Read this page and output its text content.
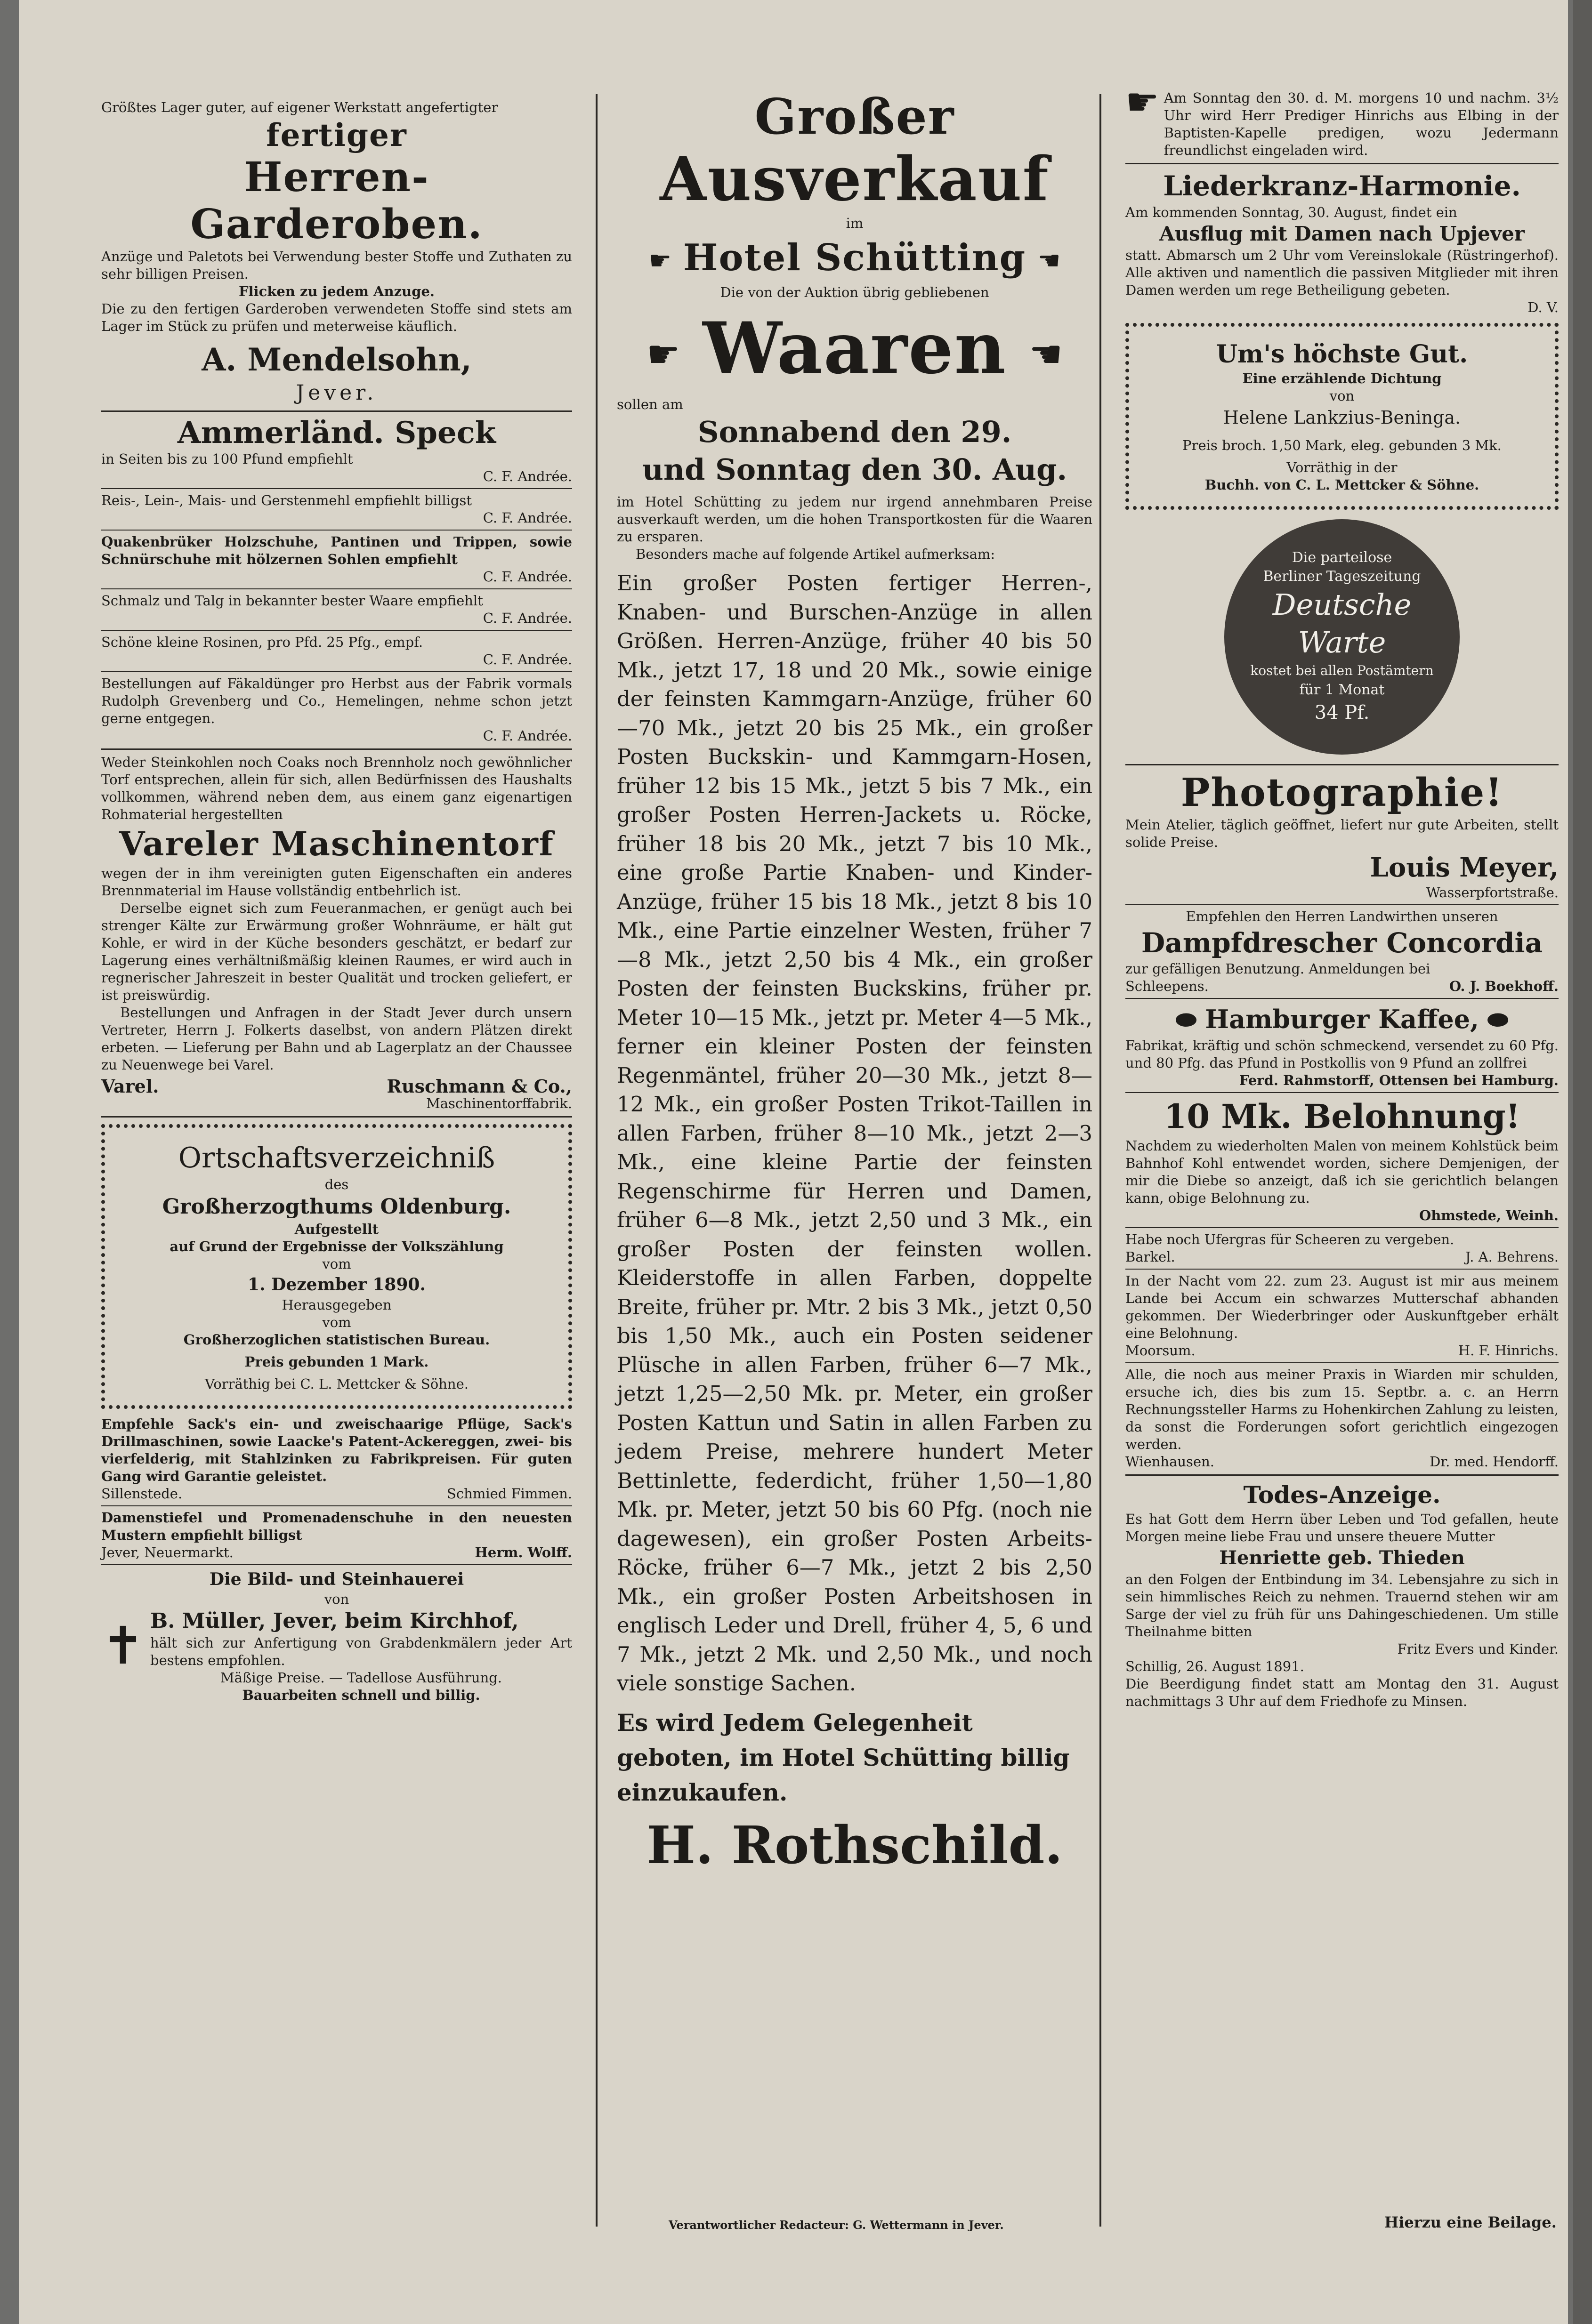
Größtes Lager guter, auf eigener Werkstatt angefertigter

fertiger

Herren-Garderoben.

Anzüge und Paletots bei Verwendung bester Stoffe und Zuthaten zu sehr billigen Preisen.

Flicken zu jedem Anzuge.

Die zu den fertigen Garderoben verwendeten Stoffe sind stets am Lager im Stück zu prüfen und meterweise käuflich.

A. Mendelsohn,

Jever.

Ammerländ. Speck

in Seiten bis zu 100 Pfund empfiehlt

C. F. Andrée.

Reis-, Lein-, Mais- und Gerstenmehl empfiehlt billigst

C. F. Andrée.

Quakenbrüker Holzschuhe, Pantinen und Trippen, sowie Schnürschuhe mit hölzernen Sohlen empfiehlt

C. F. Andrée.

Schmalz und Talg in bekannter bester Waare empfiehlt

C. F. Andrée.

Schöne kleine Rosinen, pro Pfd. 25 Pfg., empf.

C. F. Andrée.

Bestellungen auf Fäkaldünger pro Herbst aus der Fabrik vormals Rudolph Grevenberg und Co., Hemelingen, nehme schon jetzt gerne entgegen.

C. F. Andrée.

Weder Steinkohlen noch Coaks noch Brennholz noch gewöhnlicher Torf entsprechen, allein für sich, allen Bedürfnissen des Haushalts vollkommen, während neben dem, aus einem ganz eigenartigen Rohmaterial hergestellten

Vareler Maschinentorf

wegen der in ihm vereinigten guten Eigenschaften ein anderes Brennmaterial im Hause vollständig entbehrlich ist.

Derselbe eignet sich zum Feueranmachen, er genügt auch bei strenger Kälte zur Erwärmung großer Wohnräume, er hält gut Kohle, er wird in der Küche besonders geschätzt, er bedarf zur Lagerung eines verhältnißmäßig kleinen Raumes, er wird auch in regnerischer Jahreszeit in bester Qualität und trocken geliefert, er ist preiswürdig.

Bestellungen und Anfragen in der Stadt Jever durch unsern Vertreter, Herrn J. Folkerts daselbst, von andern Plätzen direkt erbeten. — Lieferung per Bahn und ab Lagerplatz an der Chaussee zu Neuenwege bei Varel.

Varel.	Ruschmann & Co.,

Maschinentorffabrik.

Ortschaftsverzeichniß

des

Großherzogthums Oldenburg.

Aufgestellt

auf Grund der Ergebnisse der Volkszählung

vom

1. Dezember 1890.

Herausgegeben

vom

Großherzoglichen statistischen Bureau.

Preis gebunden 1 Mark.

Vorräthig bei C. L. Mettcker & Söhne.

Empfehle Sack's ein- und zweischaarige Pflüge, Sack's Drillmaschinen, sowie Laacke's Patent-Ackereggen, zwei- bis vierfelderig, mit Stahlzinken zu Fabrikpreisen. Für guten Gang wird Garantie geleistet.

Sillenstede.	Schmied Fimmen.

Damenstiefel und Promenadenschuhe in den neuesten Mustern empfiehlt billigst

Jever, Neuermarkt.	Herm. Wolff.

Die Bild- und Steinhauerei

von

✝ B. Müller, Jever, beim Kirchhof,

hält sich zur Anfertigung von Grabdenkmälern jeder Art bestens empfohlen.

Mäßige Preise. — Tadellose Ausführung.

Bauarbeiten schnell und billig.

Großer

Ausverkauf

im

☛ Hotel Schütting ☚

Die von der Auktion übrig gebliebenen

☛ Waaren ☚

sollen am

Sonnabend den 29.

und Sonntag den 30. Aug.

im Hotel Schütting zu jedem nur irgend annehmbaren Preise ausverkauft werden, um die hohen Transportkosten für die Waaren zu ersparen.

Besonders mache auf folgende Artikel aufmerksam:

Ein großer Posten fertiger Herren-, Knaben- und Burschen-Anzüge in allen Größen. Herren-Anzüge, früher 40 bis 50 Mk., jetzt 17, 18 und 20 Mk., sowie einige der feinsten Kammgarn-Anzüge, früher 60—70 Mk., jetzt 20 bis 25 Mk., ein großer Posten Buckskin- und Kammgarn-Hosen, früher 12 bis 15 Mk., jetzt 5 bis 7 Mk., ein großer Posten Herren-Jackets u. Röcke, früher 18 bis 20 Mk., jetzt 7 bis 10 Mk., eine große Partie Knaben- und Kinder-Anzüge, früher 15 bis 18 Mk., jetzt 8 bis 10 Mk., eine Partie einzelner Westen, früher 7—8 Mk., jetzt 2,50 bis 4 Mk., ein großer Posten der feinsten Buckskins, früher pr. Meter 10—15 Mk., jetzt pr. Meter 4—5 Mk., ferner ein kleiner Posten der feinsten Regenmäntel, früher 20—30 Mk., jetzt 8—12 Mk., ein großer Posten Trikot-Taillen in allen Farben, früher 8—10 Mk., jetzt 2—3 Mk., eine kleine Partie der feinsten Regenschirme für Herren und Damen, früher 6—8 Mk., jetzt 2,50 und 3 Mk., ein großer Posten der feinsten wollen. Kleiderstoffe in allen Farben, doppelte Breite, früher pr. Mtr. 2 bis 3 Mk., jetzt 0,50 bis 1,50 Mk., auch ein Posten seidener Plüsche in allen Farben, früher 6—7 Mk., jetzt 1,25—2,50 Mk. pr. Meter, ein großer Posten Kattun und Satin in allen Farben zu jedem Preise, mehrere hundert Meter Bettinlette, federdicht, früher 1,50—1,80 Mk. pr. Meter, jetzt 50 bis 60 Pfg. (noch nie dagewesen), ein großer Posten Arbeits-Röcke, früher 6—7 Mk., jetzt 2 bis 2,50 Mk., ein großer Posten Arbeitshosen in englisch Leder und Drell, früher 4, 5, 6 und 7 Mk., jetzt 2 Mk. und 2,50 Mk., und noch viele sonstige Sachen.

Es wird Jedem Gelegenheit geboten, im Hotel Schütting billig einzukaufen.

H. Rothschild.

☛ Am Sonntag den 30. d. M. morgens 10 und nachm. 3½ Uhr wird Herr Prediger Hinrichs aus Elbing in der Baptisten-Kapelle predigen, wozu Jedermann freundlichst eingeladen wird.

Liederkranz-Harmonie.

Am kommenden Sonntag, 30. August, findet ein

Ausflug mit Damen nach Upjever

statt. Abmarsch um 2 Uhr vom Vereinslokale (Rüstringerhof). Alle aktiven und namentlich die passiven Mitglieder mit ihren Damen werden um rege Betheiligung gebeten.

D. V.

Um's höchste Gut.

Eine erzählende Dichtung

von

Helene Lankzius-Beninga.

Preis broch. 1,50 Mark, eleg. gebunden 3 Mk.

Vorräthig in der

Buchh. von C. L. Mettcker & Söhne.

Die parteilose Berliner Tageszeitung

Deutsche Warte

kostet bei allen Postämtern

für 1 Monat

34 Pf.

Photographie!

Mein Atelier, täglich geöffnet, liefert nur gute Arbeiten, stellt solide Preise.

Louis Meyer,

Wasserpfortstraße.

Empfehlen den Herren Landwirthen unseren

Dampfdrescher Concordia

zur gefälligen Benutzung. Anmeldungen bei

Schleepens.	O. J. Boekhoff.
⬬ Hamburger Kaffee, ⬬

Fabrikat, kräftig und schön schmeckend, versendet zu 60 Pfg. und 80 Pfg. das Pfund in Postkollis von 9 Pfund an zollfrei

Ferd. Rahmstorff, Ottensen bei Hamburg.

10 Mk. Belohnung!

Nachdem zu wiederholten Malen von meinem Kohlstück beim Bahnhof Kohl entwendet worden, sichere Demjenigen, der mir die Diebe so anzeigt, daß ich sie gerichtlich belangen kann, obige Belohnung zu.

Ohmstede, Weinh.

Habe noch Ufergras für Scheeren zu vergeben.

Barkel.	J. A. Behrens.

In der Nacht vom 22. zum 23. August ist mir aus meinem Lande bei Accum ein schwarzes Mutterschaf abhanden gekommen. Der Wiederbringer oder Auskunftgeber erhält eine Belohnung.

Moorsum.	H. F. Hinrichs.

Alle, die noch aus meiner Praxis in Wiarden mir schulden, ersuche ich, dies bis zum 15. Septbr. a. c. an Herrn Rechnungssteller Harms zu Hohenkirchen Zahlung zu leisten, da sonst die Forderungen sofort gerichtlich eingezogen werden.

Wienhausen.	Dr. med. Hendorff.

Todes-Anzeige.

Es hat Gott dem Herrn über Leben und Tod gefallen, heute Morgen meine liebe Frau und unsere theuere Mutter

Henriette geb. Thieden

an den Folgen der Entbindung im 34. Lebensjahre zu sich in sein himmlisches Reich zu nehmen. Trauernd stehen wir am Sarge der viel zu früh für uns Dahingeschiedenen. Um stille Theilnahme bitten

Fritz Evers und Kinder.

Schillig, 26. August 1891.

Die Beerdigung findet statt am Montag den 31. August nachmittags 3 Uhr auf dem Friedhofe zu Minsen.

Verantwortlicher Redacteur: G. Wettermann in Jever.	Hierzu eine Beilage.
